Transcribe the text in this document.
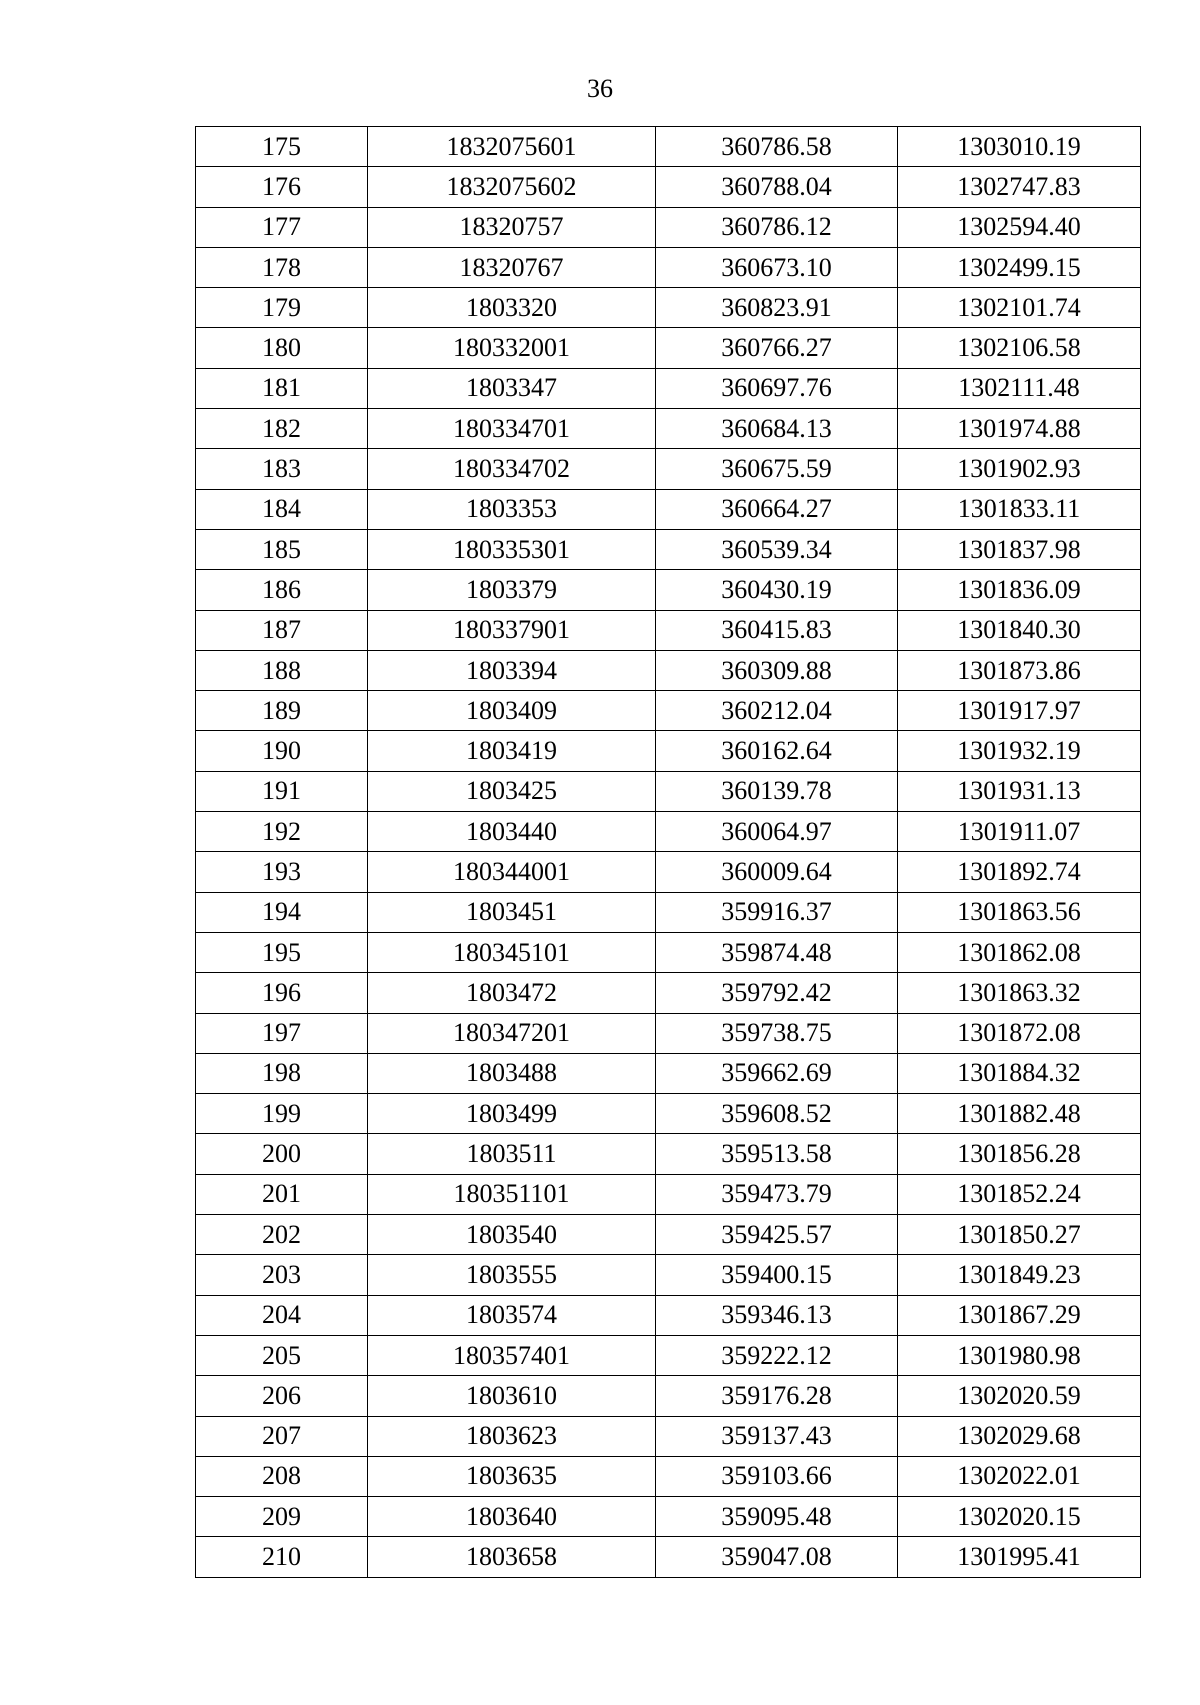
36
175	1832075601	360786.58	1303010.19
176	1832075602	360788.04	1302747.83
177	18320757	360786.12	1302594.40
178	18320767	360673.10	1302499.15
179	1803320	360823.91	1302101.74
180	180332001	360766.27	1302106.58
181	1803347	360697.76	1302111.48
182	180334701	360684.13	1301974.88
183	180334702	360675.59	1301902.93
184	1803353	360664.27	1301833.11
185	180335301	360539.34	1301837.98
186	1803379	360430.19	1301836.09
187	180337901	360415.83	1301840.30
188	1803394	360309.88	1301873.86
189	1803409	360212.04	1301917.97
190	1803419	360162.64	1301932.19
191	1803425	360139.78	1301931.13
192	1803440	360064.97	1301911.07
193	180344001	360009.64	1301892.74
194	1803451	359916.37	1301863.56
195	180345101	359874.48	1301862.08
196	1803472	359792.42	1301863.32
197	180347201	359738.75	1301872.08
198	1803488	359662.69	1301884.32
199	1803499	359608.52	1301882.48
200	1803511	359513.58	1301856.28
201	180351101	359473.79	1301852.24
202	1803540	359425.57	1301850.27
203	1803555	359400.15	1301849.23
204	1803574	359346.13	1301867.29
205	180357401	359222.12	1301980.98
206	1803610	359176.28	1302020.59
207	1803623	359137.43	1302029.68
208	1803635	359103.66	1302022.01
209	1803640	359095.48	1302020.15
210	1803658	359047.08	1301995.41
